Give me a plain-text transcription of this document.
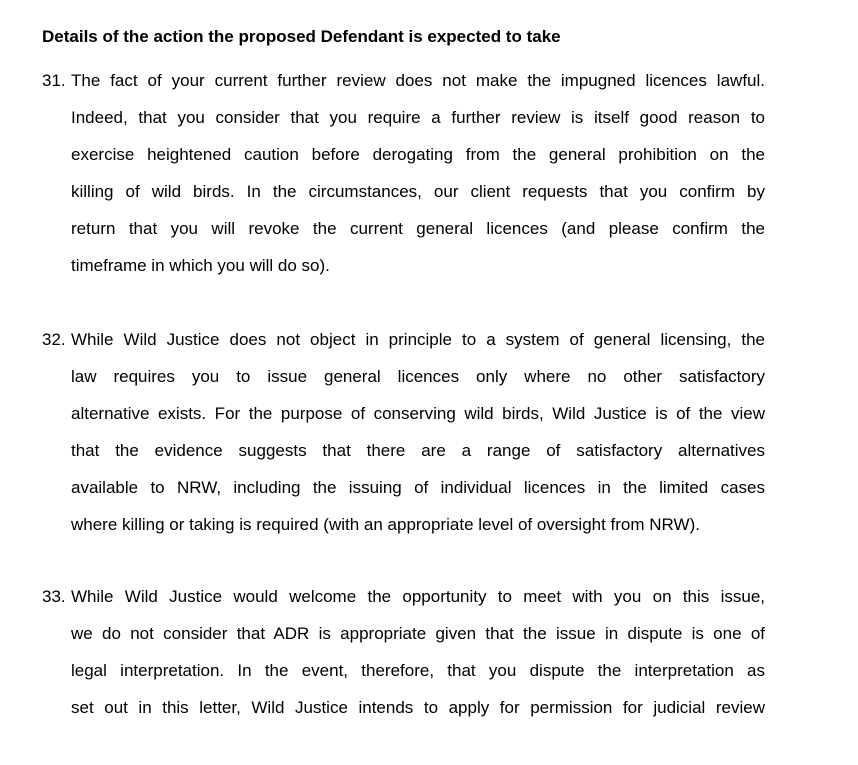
Details of the action the proposed Defendant is expected to take
31. The fact of your current further review does not make the impugned licences lawful.
Indeed, that you consider that you require a further review is itself good reason to
exercise heightened caution before derogating from the general prohibition on the
killing of wild birds. In the circumstances, our client requests that you confirm by
return that you will revoke the current general licences (and please confirm the
timeframe in which you will do so).
32. While Wild Justice does not object in principle to a system of general licensing, the
law requires you to issue general licences only where no other satisfactory
alternative exists. For the purpose of conserving wild birds, Wild Justice is of the view
that the evidence suggests that there are a range of satisfactory alternatives
available to NRW, including the issuing of individual licences in the limited cases
where killing or taking is required (with an appropriate level of oversight from NRW).
33. While Wild Justice would welcome the opportunity to meet with you on this issue,
we do not consider that ADR is appropriate given that the issue in dispute is one of
legal interpretation. In the event, therefore, that you dispute the interpretation as
set out in this letter, Wild Justice intends to apply for permission for judicial review
